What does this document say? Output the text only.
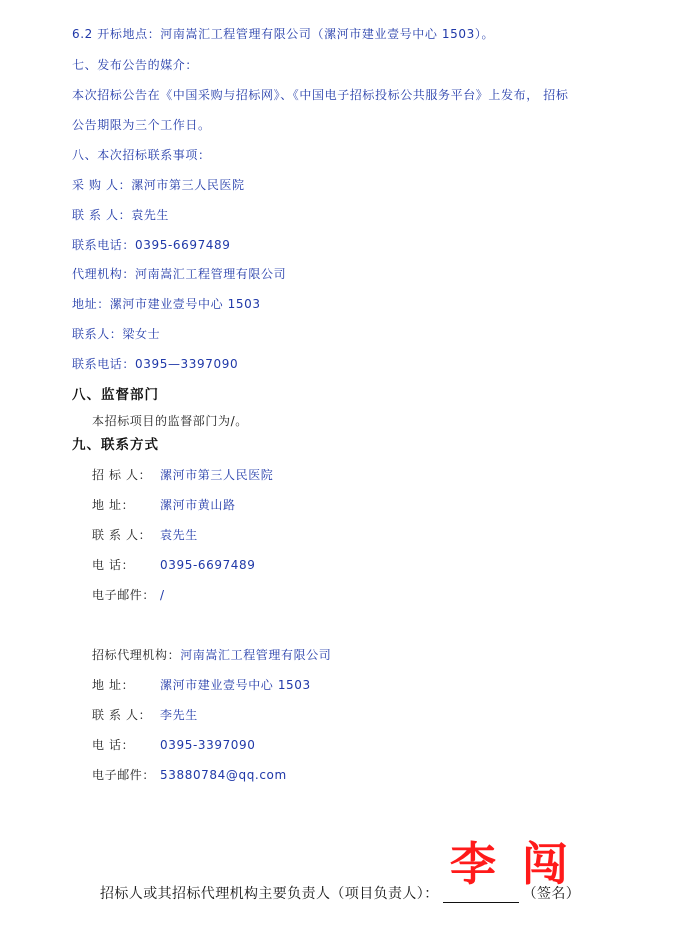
6.2 开标地点：河南嵩汇工程管理有限公司（漯河市建业壹号中心 1503）。
七、发布公告的媒介：
本次招标公告在《中国采购与招标网》、《中国电子招标投标公共服务平台》上发布， 招标
公告期限为三个工作日。
八、本次招标联系事项：
采 购 人：漯河市第三人民医院
联 系 人：袁先生
联系电话：0395-6697489
代理机构：河南嵩汇工程管理有限公司
地址：漯河市建业壹号中心 1503
联系人：梁女士
联系电话：0395—3397090
八、监督部门
本招标项目的监督部门为/。
九、联系方式
招 标 人： 漯河市第三人民医院
地 址： 漯河市黄山路
联 系 人： 袁先生
电 话： 0395-6697489
电子邮件： /
招标代理机构：河南嵩汇工程管理有限公司
地 址： 漯河市建业壹号中心 1503
联 系 人： 李先生
电 话： 0395-3397090
电子邮件： 53880784@qq.com
李 闯
招标人或其招标代理机构主要负责人（项目负责人）：	（签名）
